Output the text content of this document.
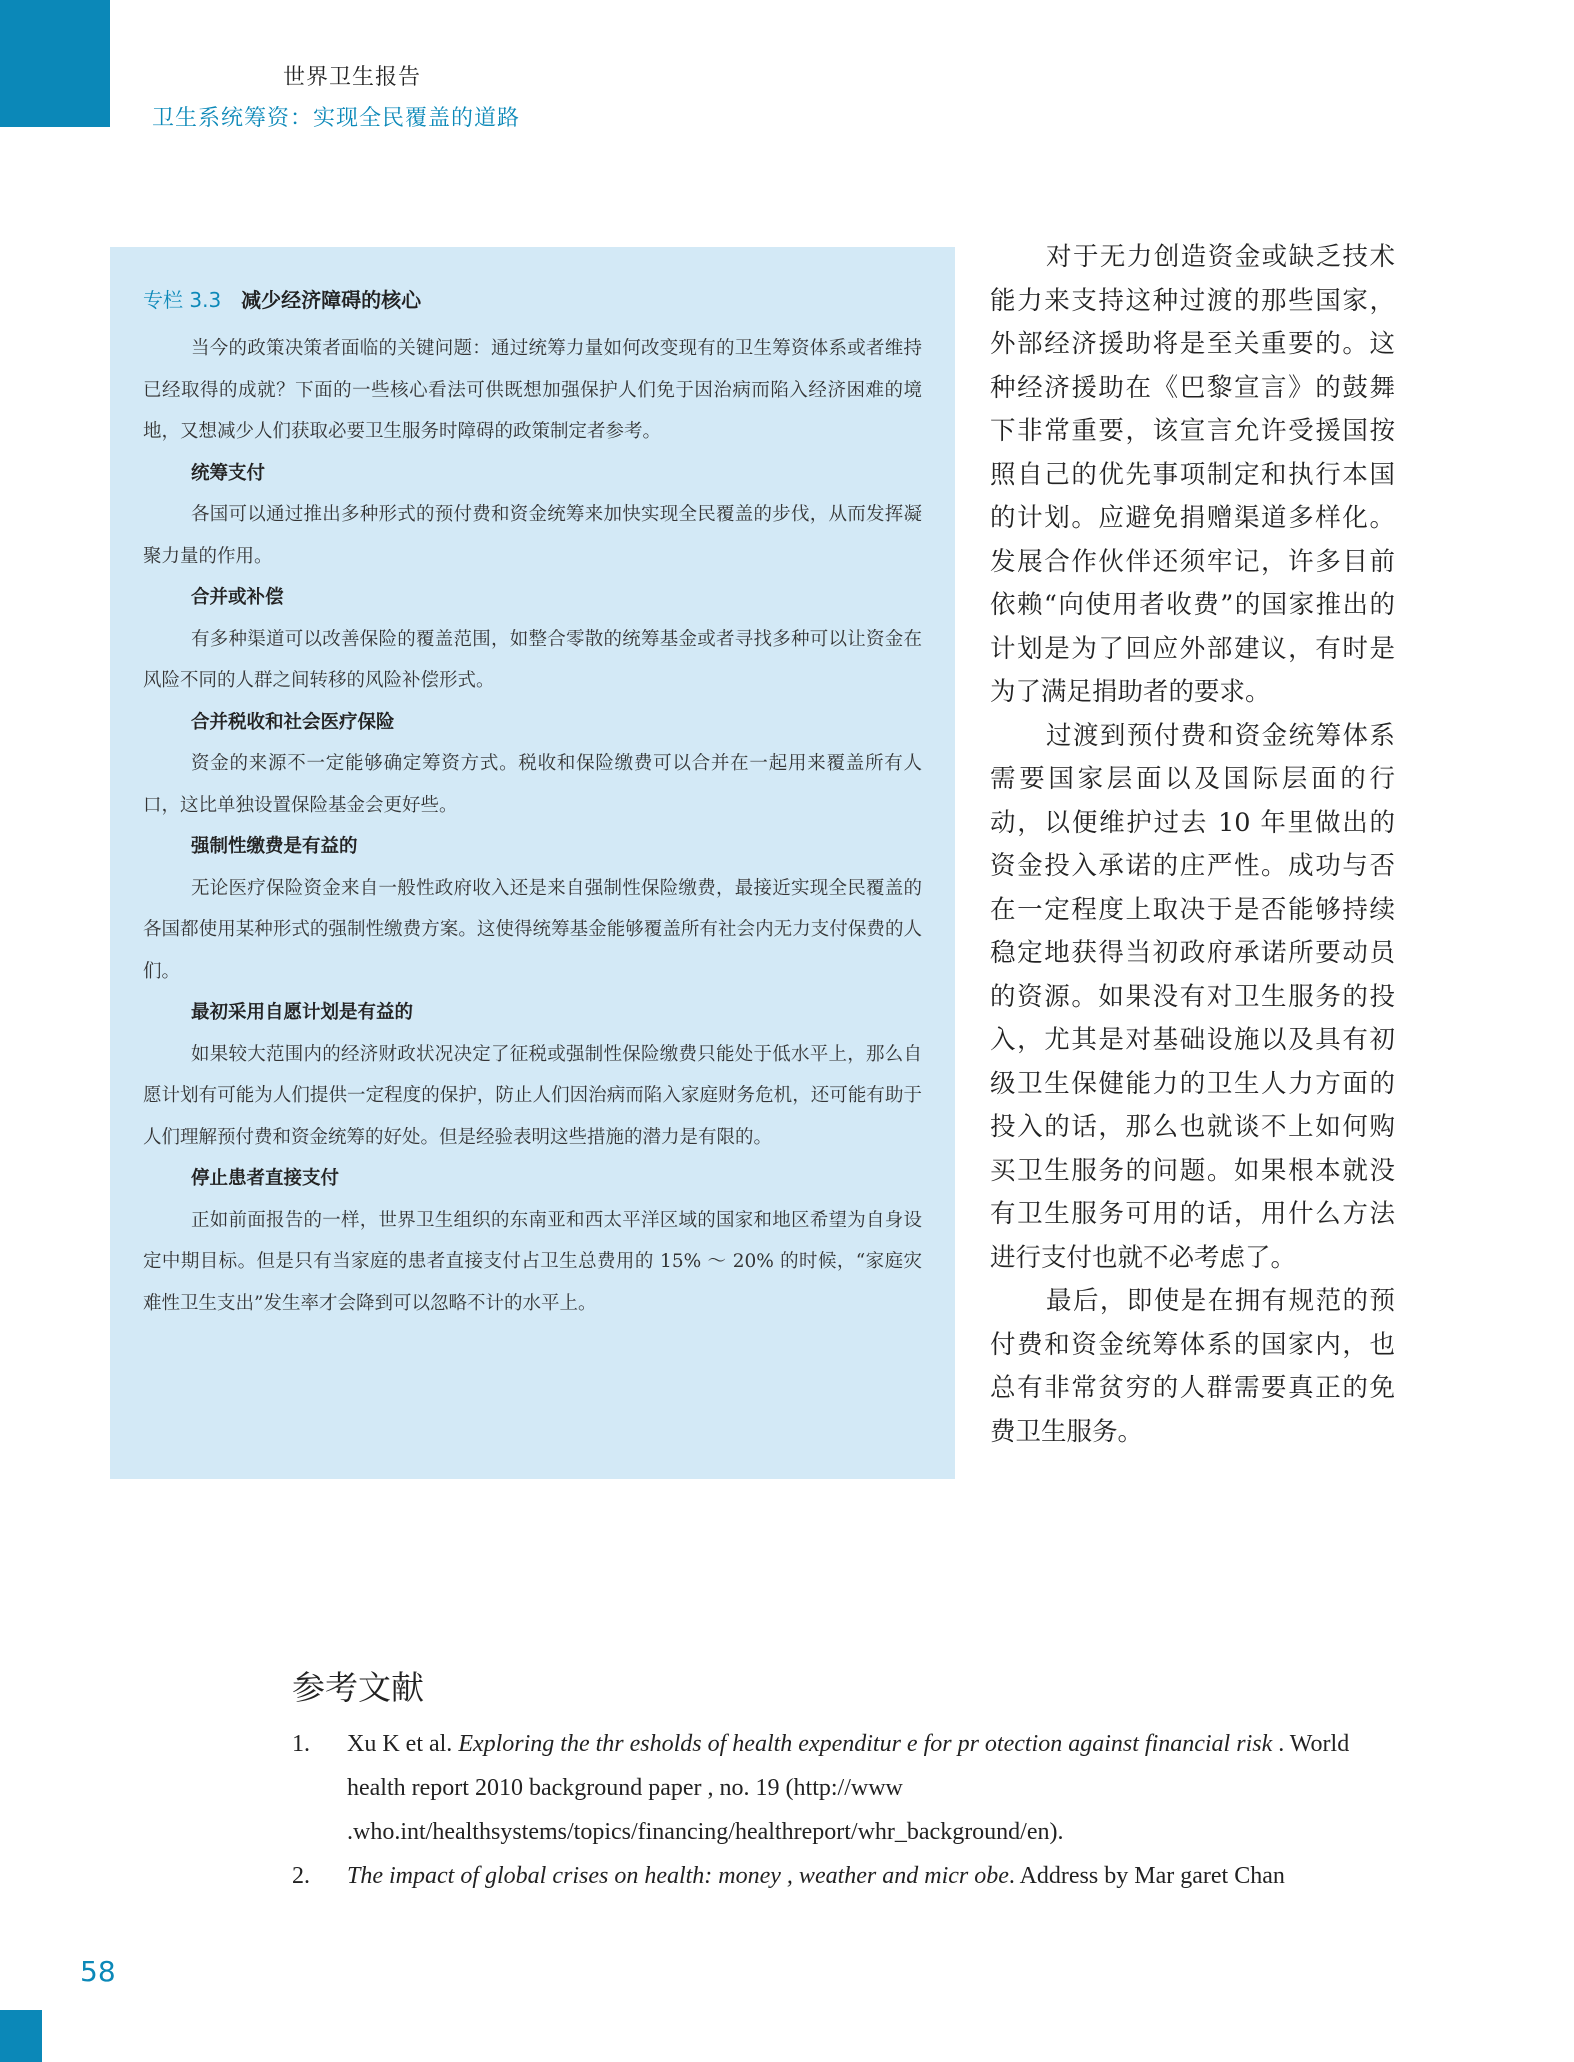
世界卫生报告
卫生系统筹资：实现全民覆盖的道路
专栏 3.3 减少经济障碍的核心

当今的政策决策者面临的关键问题：通过统筹力量如何改变现有的卫生筹资体系或者维持已经取得的成就？下面的一些核心看法可供既想加强保护人们免于因治病而陷入经济困难的境地，又想减少人们获取必要卫生服务时障碍的政策制定者参考。

统筹支付

各国可以通过推出多种形式的预付费和资金统筹来加快实现全民覆盖的步伐，从而发挥凝聚力量的作用。

合并或补偿

有多种渠道可以改善保险的覆盖范围，如整合零散的统筹基金或者寻找多种可以让资金在风险不同的人群之间转移的风险补偿形式。

合并税收和社会医疗保险

资金的来源不一定能够确定筹资方式。税收和保险缴费可以合并在一起用来覆盖所有人口，这比单独设置保险基金会更好些。

强制性缴费是有益的

无论医疗保险资金来自一般性政府收入还是来自强制性保险缴费，最接近实现全民覆盖的各国都使用某种形式的强制性缴费方案。这使得统筹基金能够覆盖所有社会内无力支付保费的人们。

最初采用自愿计划是有益的

如果较大范围内的经济财政状况决定了征税或强制性保险缴费只能处于低水平上，那么自愿计划有可能为人们提供一定程度的保护，防止人们因治病而陷入家庭财务危机，还可能有助于人们理解预付费和资金统筹的好处。但是经验表明这些措施的潜力是有限的。

停止患者直接支付

正如前面报告的一样，世界卫生组织的东南亚和西太平洋区域的国家和地区希望为自身设定中期目标。但是只有当家庭的患者直接支付占卫生总费用的 15% ～ 20% 的时候，“家庭灾难性卫生支出”发生率才会降到可以忽略不计的水平上。

对于无力创造资金或缺乏技术能力来支持这种过渡的那些国家，外部经济援助将是至关重要的。这种经济援助在《巴黎宣言》的鼓舞下非常重要，该宣言允许受援国按照自己的优先事项制定和执行本国的计划。应避免捐赠渠道多样化。发展合作伙伴还须牢记，许多目前依赖“向使用者收费”的国家推出的计划是为了回应外部建议，有时是为了满足捐助者的要求。

过渡到预付费和资金统筹体系需要国家层面以及国际层面的行动，以便维护过去 10 年里做出的资金投入承诺的庄严性。成功与否在一定程度上取决于是否能够持续稳定地获得当初政府承诺所要动员的资源。如果没有对卫生服务的投入，尤其是对基础设施以及具有初级卫生保健能力的卫生人力方面的投入的话，那么也就谈不上如何购买卫生服务的问题。如果根本就没有卫生服务可用的话，用什么方法进行支付也就不必考虑了。

最后，即使是在拥有规范的预付费和资金统筹体系的国家内，也总有非常贫穷的人群需要真正的免费卫生服务。

参考文献
1. Xu K et al. Exploring the thr esholds of health expenditur e for pr otection against financial risk . World health report 2010 background paper , no. 19 (http://www .who.int/healthsystems/topics/financing/healthreport/whr_background/en).
2. The impact of global crises on health: money , weather and micr obe. Address by Mar garet Chan
58
